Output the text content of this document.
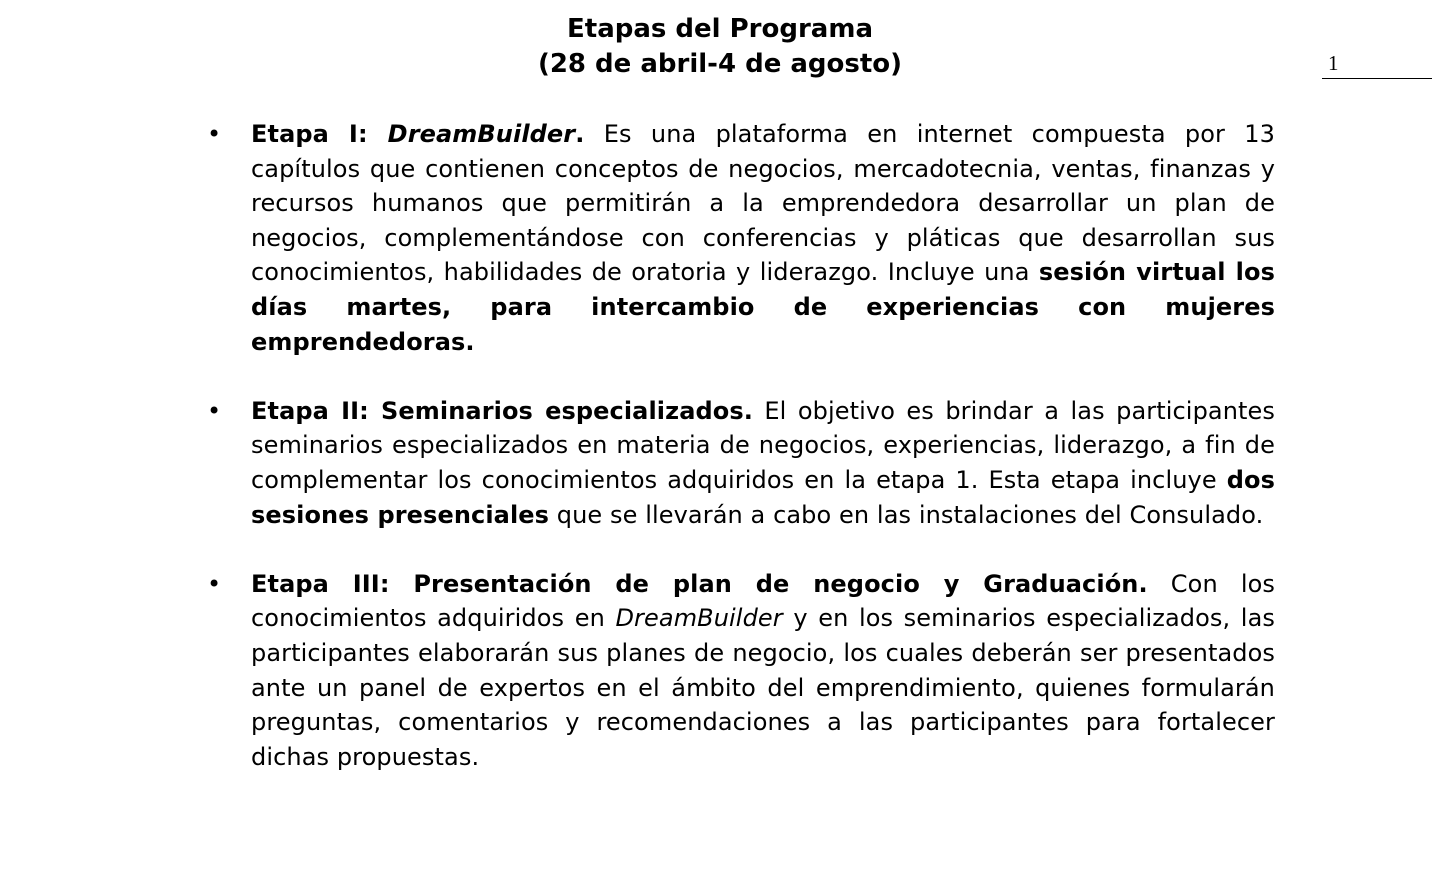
1
Etapas del Programa
(28 de abril-4 de agosto)
• Etapa I: DreamBuilder. Es una plataforma en internet compuesta por 13 capítulos que contienen conceptos de negocios, mercadotecnia, ventas, finanzas y recursos humanos que permitirán a la emprendedora desarrollar un plan de negocios, complementándose con conferencias y pláticas que desarrollan sus conocimientos, habilidades de oratoria y liderazgo. Incluye una sesión virtual los días martes, para intercambio de experiencias con mujeres emprendedoras.
• Etapa II: Seminarios especializados. El objetivo es brindar a las participantes seminarios especializados en materia de negocios, experiencias, liderazgo, a fin de complementar los conocimientos adquiridos en la etapa 1. Esta etapa incluye dos sesiones presenciales que se llevarán a cabo en las instalaciones del Consulado.
• Etapa III: Presentación de plan de negocio y Graduación. Con los conocimientos adquiridos en DreamBuilder y en los seminarios especializados, las participantes elaborarán sus planes de negocio, los cuales deberán ser presentados ante un panel de expertos en el ámbito del emprendimiento, quienes formularán preguntas, comentarios y recomendaciones a las participantes para fortalecer dichas propuestas.
